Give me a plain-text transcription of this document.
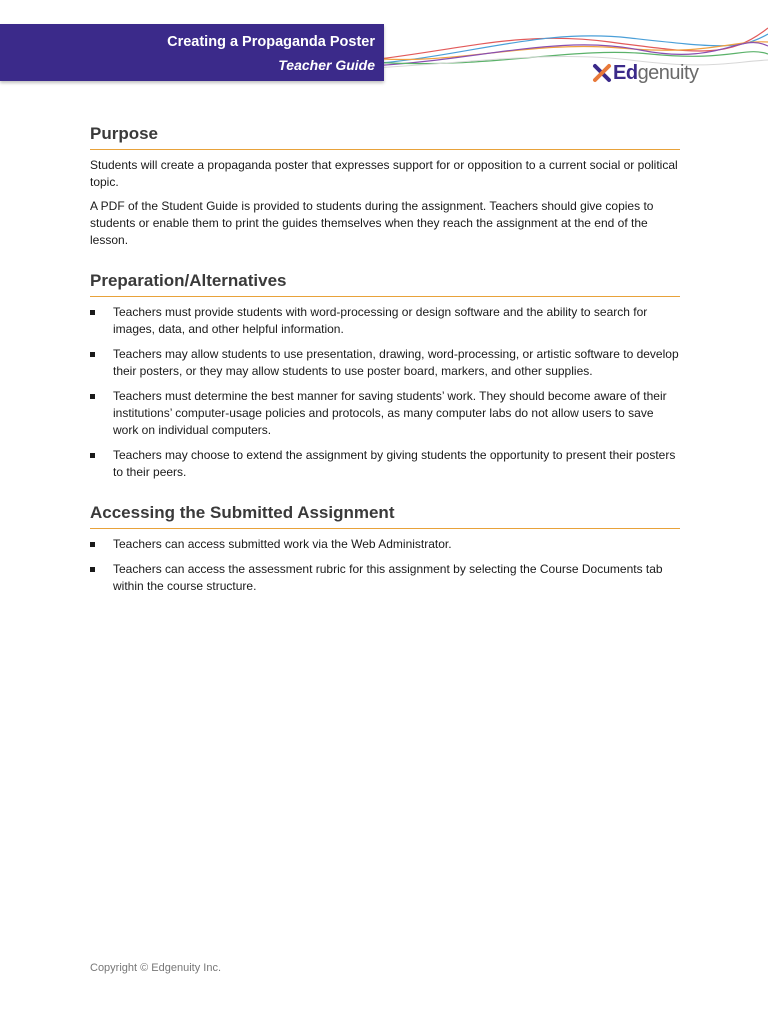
Creating a Propaganda Poster
Teacher Guide	Edgenuity
Purpose

Students will create a propaganda poster that expresses support for or opposition to a current social or political topic.

A PDF of the Student Guide is provided to students during the assignment. Teachers should give copies to students or enable them to print the guides themselves when they reach the assignment at the end of the lesson.

Preparation/Alternatives
Teachers must provide students with word-processing or design software and the ability to search for images, data, and other helpful information.
Teachers may allow students to use presentation, drawing, word-processing, or artistic software to develop their posters, or they may allow students to use poster board, markers, and other supplies.
Teachers must determine the best manner for saving students’ work. They should become aware of their institutions’ computer-usage policies and protocols, as many computer labs do not allow users to save work on individual computers.
Teachers may choose to extend the assignment by giving students the opportunity to present their posters to their peers.
Accessing the Submitted Assignment
Teachers can access submitted work via the Web Administrator.
Teachers can access the assessment rubric for this assignment by selecting the Course Documents tab within the course structure.
Copyright © Edgenuity Inc.
